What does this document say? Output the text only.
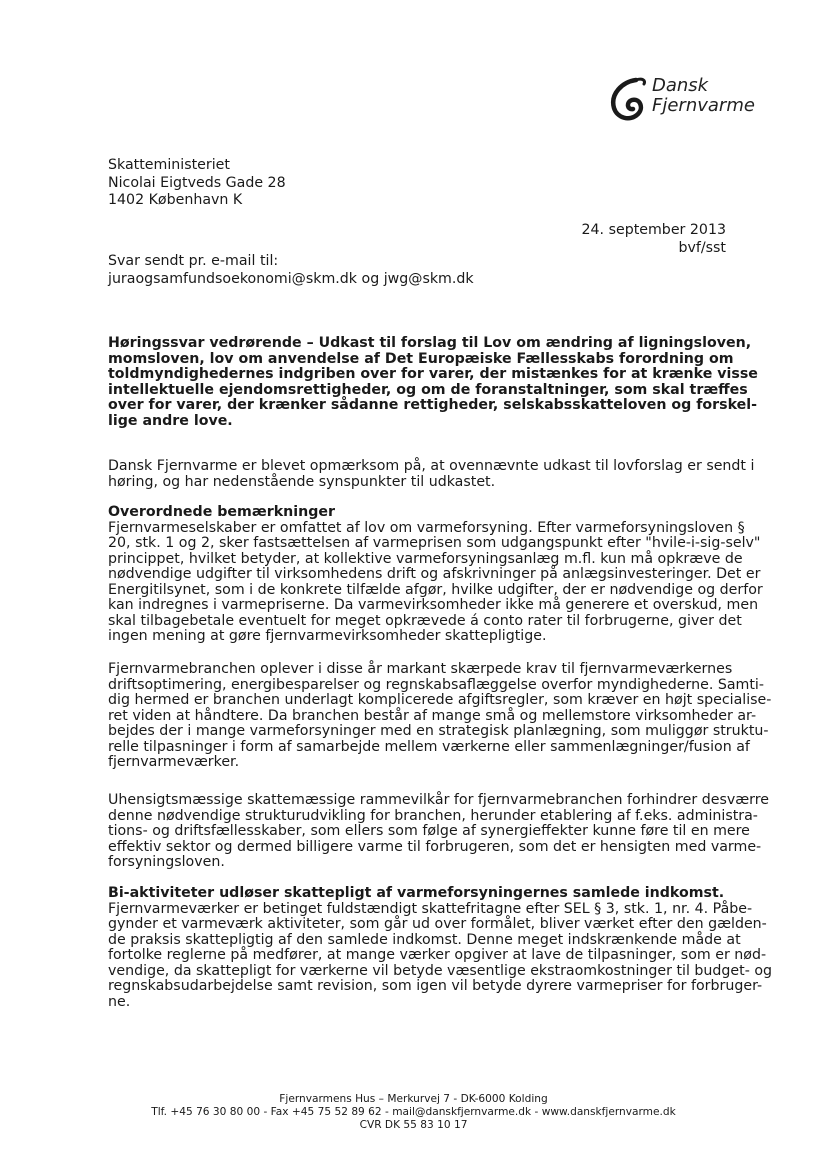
Dansk
Fjernvarme
Skatteministeriet
Nicolai Eigtveds Gade 28
1402 København K
24. september 2013
bvf/sst
Svar sendt pr. e-mail til:
juraogsamfundsoekonomi@skm.dk og jwg@skm.dk
Høringssvar vedrørende – Udkast til forslag til Lov om ændring af ligningsloven,
momsloven, lov om anvendelse af Det Europæiske Fællesskabs forordning om
toldmyndighedernes indgriben over for varer, der mistænkes for at krænke visse
intellektuelle ejendomsrettigheder, og om de foranstaltninger, som skal træffes
over for varer, der krænker sådanne rettigheder, selskabsskatteloven og forskel-
lige andre love.
Dansk Fjernvarme er blevet opmærksom på, at ovennævnte udkast til lovforslag er sendt i
høring, og har nedenstående synspunkter til udkastet.
Overordnede bemærkninger
Fjernvarmeselskaber er omfattet af lov om varmeforsyning. Efter varmeforsyningsloven §
20, stk. 1 og 2, sker fastsættelsen af varmeprisen som udgangspunkt efter "hvile-i-sig-selv"
princippet, hvilket betyder, at kollektive varmeforsyningsanlæg m.fl. kun må opkræve de
nødvendige udgifter til virksomhedens drift og afskrivninger på anlægsinvesteringer. Det er
Energitilsynet, som i de konkrete tilfælde afgør, hvilke udgifter, der er nødvendige og derfor
kan indregnes i varmepriserne. Da varmevirksomheder ikke må generere et overskud, men
skal tilbagebetale eventuelt for meget opkrævede á conto rater til forbrugerne, giver det
ingen mening at gøre fjernvarmevirksomheder skattepligtige.
Fjernvarmebranchen oplever i disse år markant skærpede krav til fjernvarmeværkernes
driftsoptimering, energibesparelser og regnskabsaflæggelse overfor myndighederne. Samti-
dig hermed er branchen underlagt komplicerede afgiftsregler, som kræver en højt specialise-
ret viden at håndtere. Da branchen består af mange små og mellemstore virksomheder ar-
bejdes der i mange varmeforsyninger med en strategisk planlægning, som muliggør struktu-
relle tilpasninger i form af samarbejde mellem værkerne eller sammenlægninger/fusion af
fjernvarmeværker.
Uhensigtsmæssige skattemæssige rammevilkår for fjernvarmebranchen forhindrer desværre
denne nødvendige strukturudvikling for branchen, herunder etablering af f.eks. administra-
tions- og driftsfællesskaber, som ellers som følge af synergieffekter kunne føre til en mere
effektiv sektor og dermed billigere varme til forbrugeren, som det er hensigten med varme-
forsyningsloven.
Bi-aktiviteter udløser skattepligt af varmeforsyningernes samlede indkomst.
Fjernvarmeværker er betinget fuldstændigt skattefritagne efter SEL § 3, stk. 1, nr. 4. Påbe-
gynder et varmeværk aktiviteter, som går ud over formålet, bliver værket efter den gælden-
de praksis skattepligtig af den samlede indkomst. Denne meget indskrænkende måde at
fortolke reglerne på medfører, at mange værker opgiver at lave de tilpasninger, som er nød-
vendige, da skattepligt for værkerne vil betyde væsentlige ekstraomkostninger til budget- og
regnskabsudarbejdelse samt revision, som igen vil betyde dyrere varmepriser for forbruger-
ne.
Fjernvarmens Hus – Merkurvej 7 - DK-6000 Kolding
Tlf. +45 76 30 80 00 - Fax +45 75 52 89 62 - mail@danskfjernvarme.dk - www.danskfjernvarme.dk
CVR DK 55 83 10 17
